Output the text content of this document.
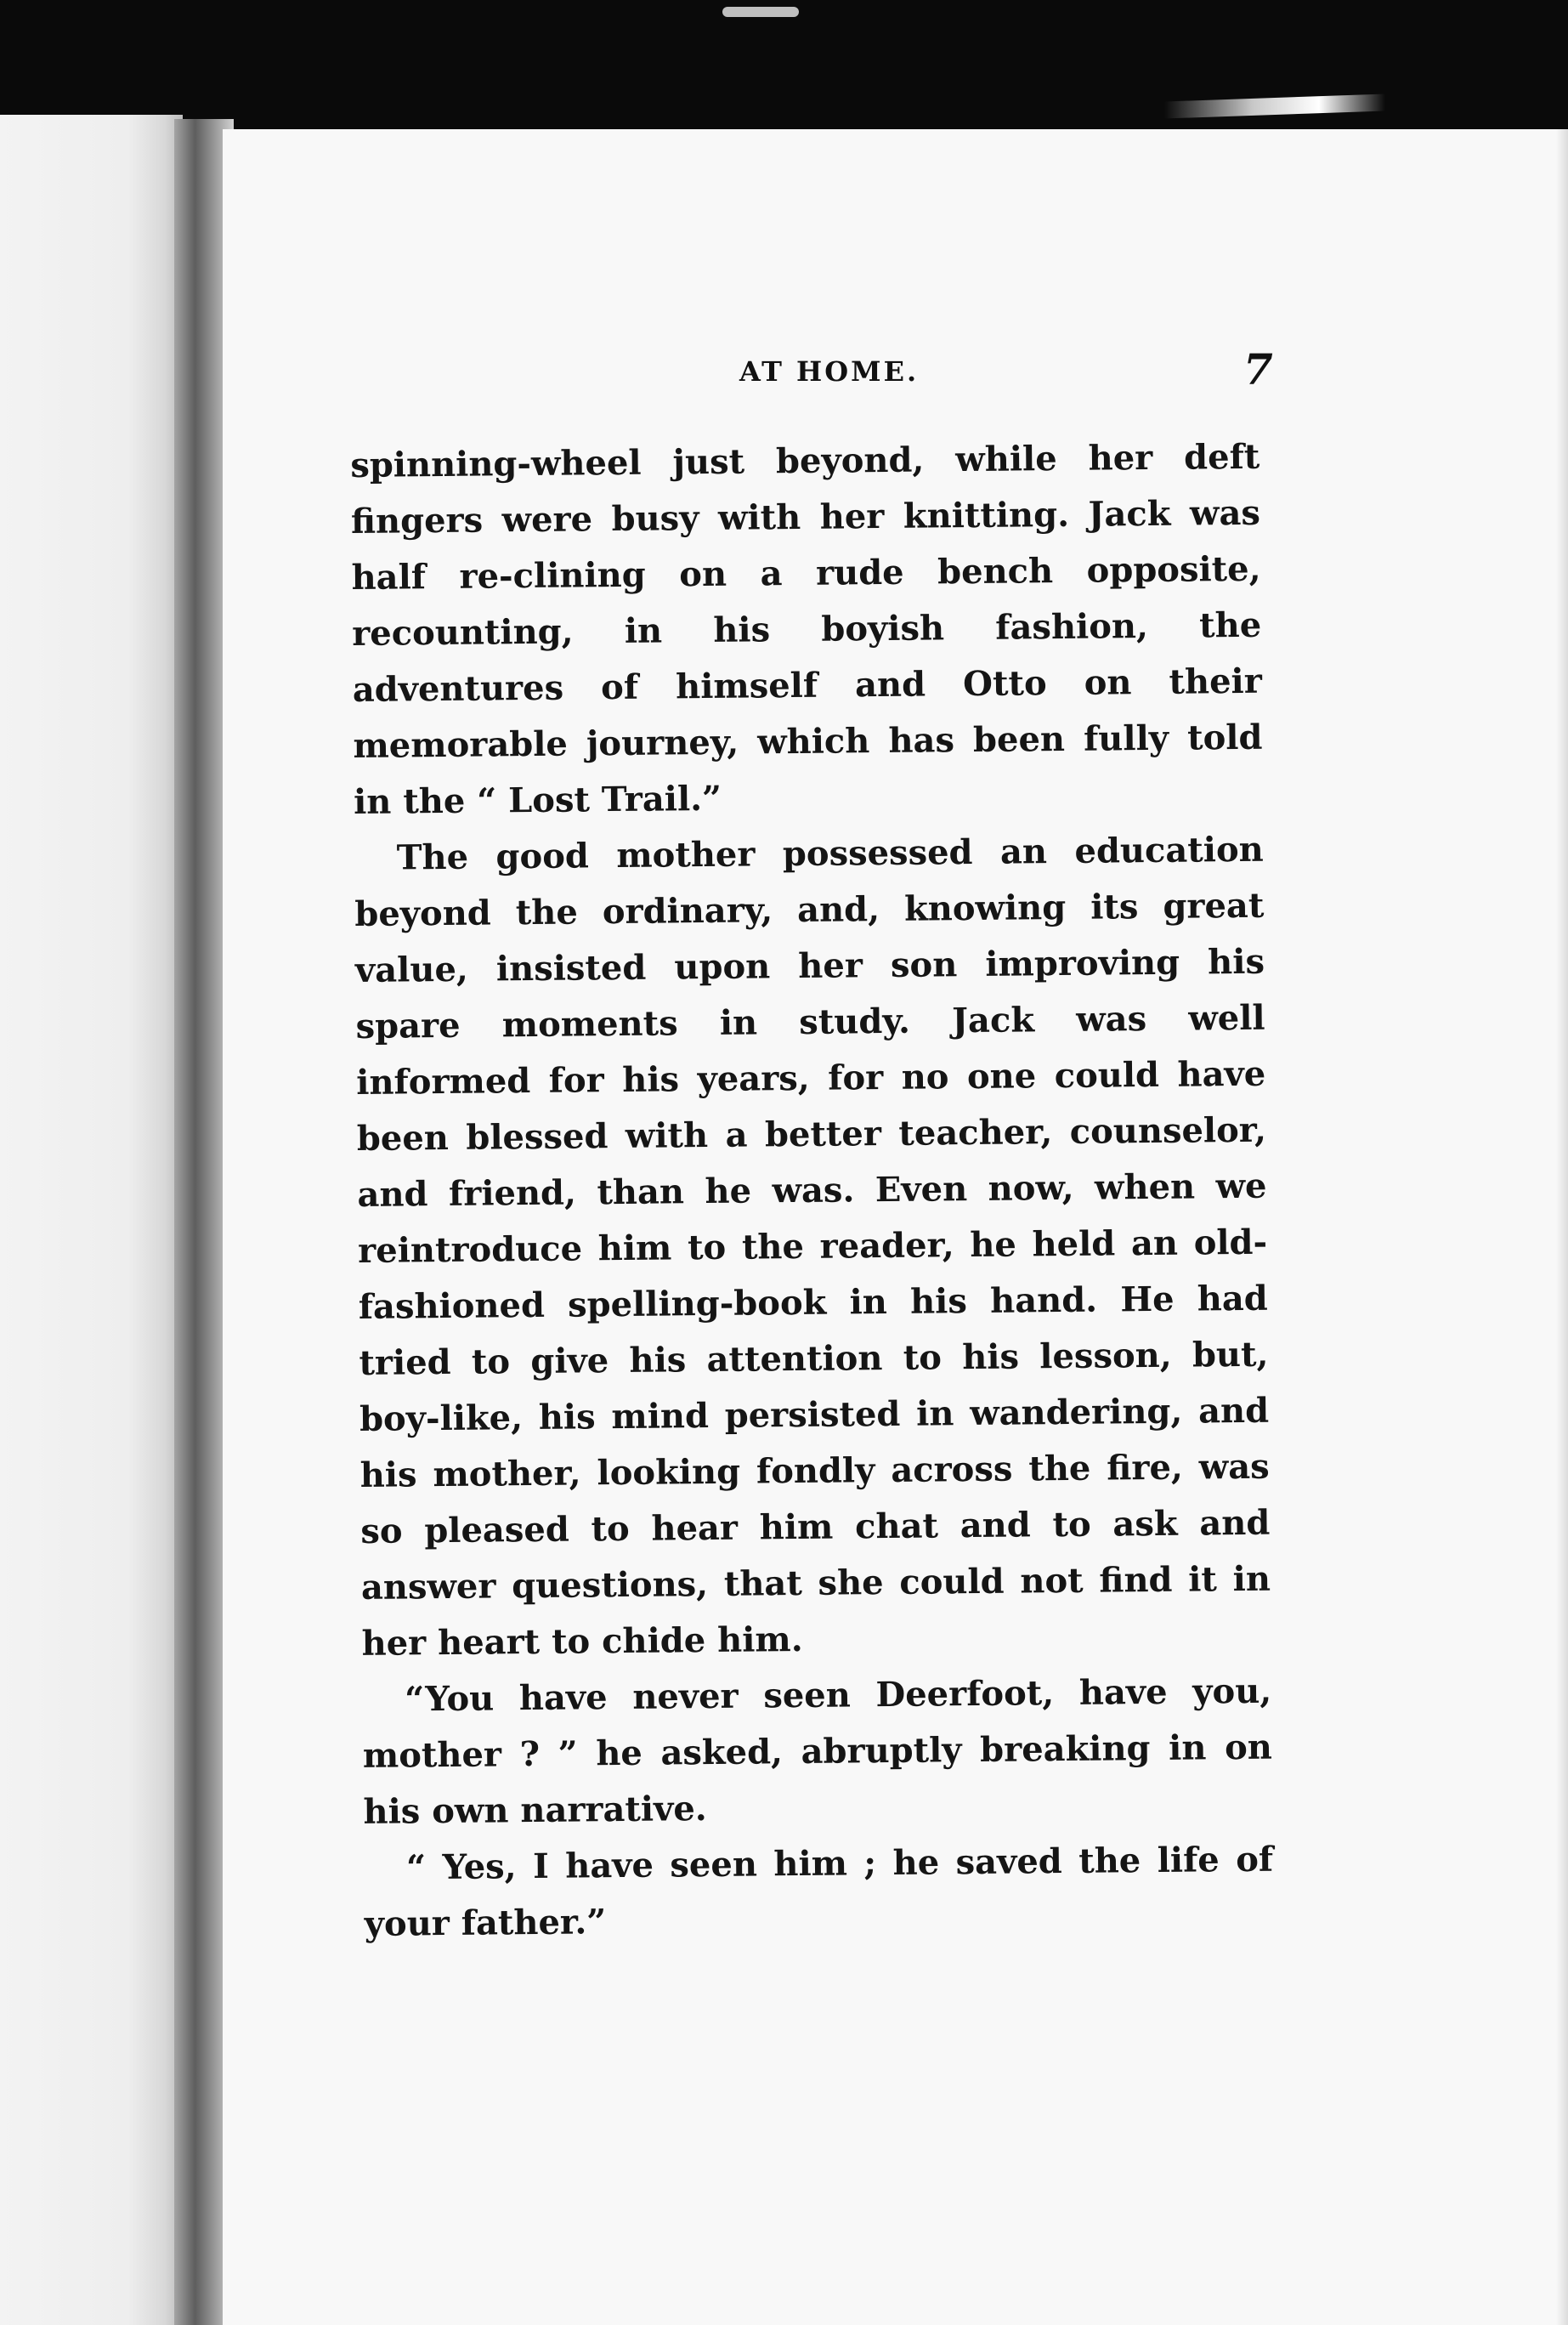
AT HOME.	7

spinning-wheel just beyond, while her deft fingers were busy with her knitting. Jack was half re-clining on a rude bench opposite, recounting, in his boyish fashion, the adventures of himself and Otto on their memorable journey, which has been fully told in the “ Lost Trail.”

The good mother possessed an education beyond the ordinary, and, knowing its great value, insisted upon her son improving his spare moments in study. Jack was well informed for his years, for no one could have been blessed with a better teacher, counselor, and friend, than he was. Even now, when we reintroduce him to the reader, he held an old-fashioned spelling-book in his hand. He had tried to give his attention to his lesson, but, boy-like, his mind persisted in wandering, and his mother, looking fondly across the fire, was so pleased to hear him chat and to ask and answer questions, that she could not find it in her heart to chide him.

“You have never seen Deerfoot, have you, mother ? ” he asked, abruptly breaking in on his own narrative.

“ Yes, I have seen him ; he saved the life of your father.”
